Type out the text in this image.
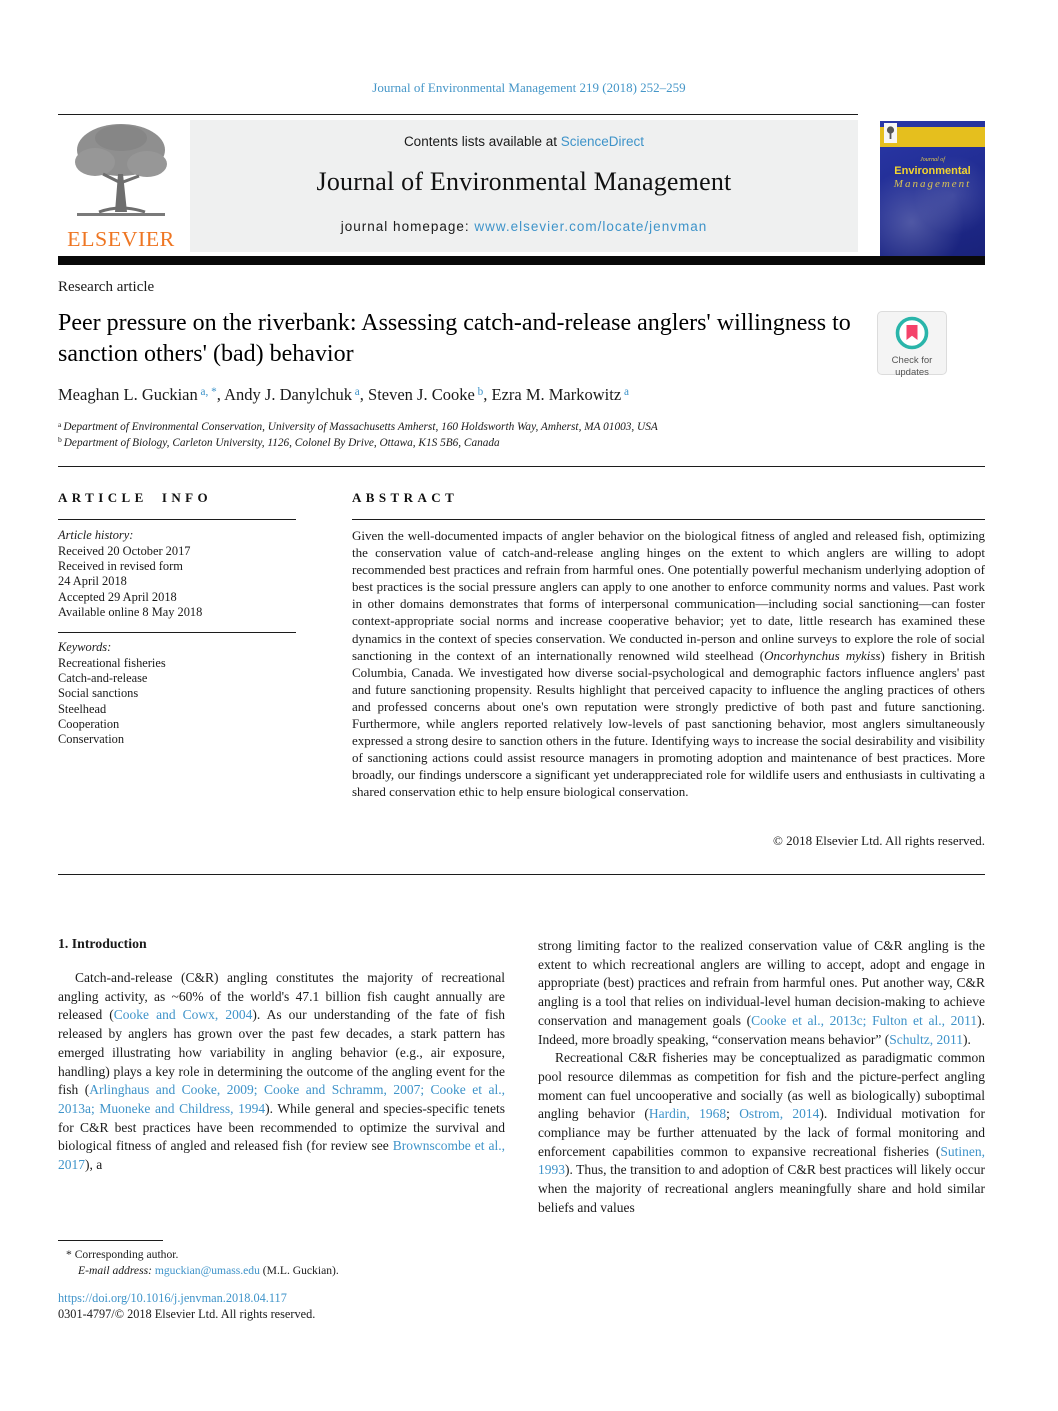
Journal of Environmental Management 219 (2018) 252–259
ELSEVIER
Contents lists available at ScienceDirect
Journal of Environmental Management
journal homepage: www.elsevier.com/locate/jenvman
Journal of
Environmental
Management
Research article
Peer pressure on the riverbank: Assessing catch-and-release anglers' willingness to sanction others' (bad) behavior	Check for
updates
Meaghan L. Guckian $^{a, *}$, Andy J. Danylchuk $^a$, Steven J. Cooke $^b$, Ezra M. Markowitz $^a$
$^a$ Department of Environmental Conservation, University of Massachusetts Amherst, 160 Holdsworth Way, Amherst, MA 01003, USA
$^b$ Department of Biology, Carleton University, 1126, Colonel By Drive, Ottawa, K1S 5B6, Canada
ARTICLE INFO
Article history:
Received 20 October 2017
Received in revised form
24 April 2018
Accepted 29 April 2018
Available online 8 May 2018
Keywords:
Recreational fisheries
Catch-and-release
Social sanctions
Steelhead
Cooperation
Conservation
ABSTRACT
Given the well-documented impacts of angler behavior on the biological fitness of angled and released fish, optimizing the conservation value of catch-and-release angling hinges on the extent to which anglers are willing to adopt recommended best practices and refrain from harmful ones. One potentially powerful mechanism underlying adoption of best practices is the social pressure anglers can apply to one another to enforce community norms and values. Past work in other domains demonstrates that forms of interpersonal communication—including social sanctioning—can foster context-appropriate social norms and increase cooperative behavior; yet to date, little research has examined these dynamics in the context of species conservation. We conducted in-person and online surveys to explore the role of social sanctioning in the context of an internationally renowned wild steelhead (Oncorhynchus mykiss) fishery in British Columbia, Canada. We investigated how diverse social-psychological and demographic factors influence anglers' past and future sanctioning propensity. Results highlight that perceived capacity to influence the angling practices of others and professed concerns about one's own reputation were strongly predictive of both past and future sanctioning. Furthermore, while anglers reported relatively low-levels of past sanctioning behavior, most anglers simultaneously expressed a strong desire to sanction others in the future. Identifying ways to increase the social desirability and visibility of sanctioning actions could assist resource managers in promoting adoption and maintenance of best practices. More broadly, our findings underscore a significant yet underappreciated role for wildlife users and enthusiasts in cultivating a shared conservation ethic to help ensure biological conservation.
© 2018 Elsevier Ltd. All rights reserved.
1. Introduction

Catch-and-release (C&R) angling constitutes the majority of recreational angling activity, as ~60% of the world's 47.1 billion fish caught annually are released (Cooke and Cowx, 2004). As our understanding of the fate of fish released by anglers has grown over the past few decades, a stark pattern has emerged illustrating how variability in angling behavior (e.g., air exposure, handling) plays a key role in determining the outcome of the angling event for the fish (Arlinghaus and Cooke, 2009; Cooke and Schramm, 2007; Cooke et al., 2013a; Muoneke and Childress, 1994). While general and species-specific tenets for C&R best practices have been recommended to optimize the survival and biological fitness of angled and released fish (for review see Brownscombe et al., 2017), a

strong limiting factor to the realized conservation value of C&R angling is the extent to which recreational anglers are willing to accept, adopt and engage in appropriate (best) practices and refrain from harmful ones. Put another way, C&R angling is a tool that relies on individual-level human decision-making to achieve conservation and management goals (Cooke et al., 2013c; Fulton et al., 2011). Indeed, more broadly speaking, “conservation means behavior” (Schultz, 2011).

Recreational C&R fisheries may be conceptualized as paradigmatic common pool resource dilemmas as competition for fish and the picture-perfect angling moment can fuel uncooperative and socially (as well as biologically) suboptimal angling behavior (Hardin, 1968; Ostrom, 2014). Individual motivation for compliance may be further attenuated by the lack of formal monitoring and enforcement capabilities common to expansive recreational fisheries (Sutinen, 1993). Thus, the transition to and adoption of C&R best practices will likely occur when the majority of recreational anglers meaningfully share and hold similar beliefs and values

* Corresponding author.
E-mail address: mguckian@umass.edu (M.L. Guckian).
https://doi.org/10.1016/j.jenvman.2018.04.117
0301-4797/© 2018 Elsevier Ltd. All rights reserved.
